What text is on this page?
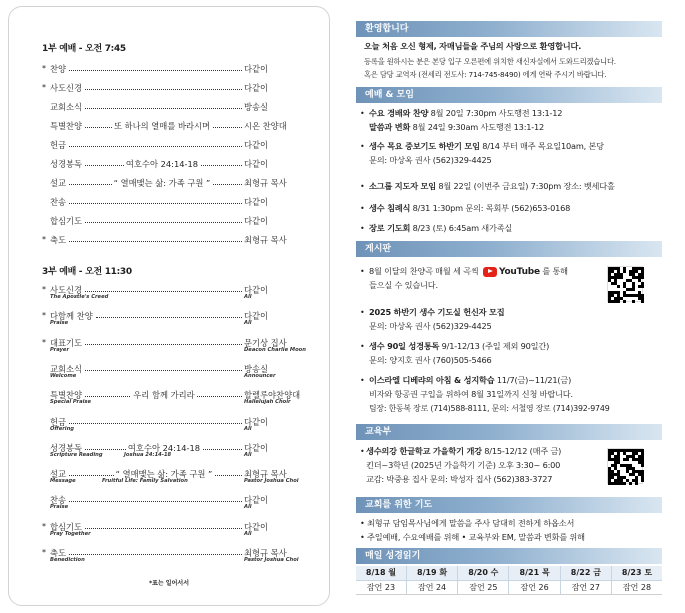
1부 예배 - 오전 7:45
* 찬양	다같이
* 사도신경	다같이
교회소식	방송실
특별찬양	또 하나의 열매를 바라시며	시온 찬양대
헌금	다같이
성경봉독	여호수아 24:14-18	다같이
설교	“ 열매맺는 삶: 가족 구원 ”	최형규 목사
찬송	다같이
합심기도	다같이
* 축도	최형규 목사
3부 예배 - 오전 11:30
* 사도신경	다같이
The Apostle's Creed	All
* 다함께 찬양	다같이
Praise	All
* 대표기도	문기상 집사
Prayer	Deacon Charlie Moon
교회소식	방송실
Welcome	Announcer
특별찬양	우리 함께 가리라	할렐루야찬양대
Special Praise	Hallelujah Choir
헌금	다같이
Offering	All
성경봉독	여호수아 24:14-18	다같이
Scripture Reading	Joshua 24:14-18	All
설교	“ 열매맺는 삶: 가족 구원 ”	최형규 목사
Message	Fruitful Life: Family Salvation	Pastor Joshua Choi
찬송	다같이
Praise	All
* 합심기도	다같이
Pray Together	All
* 축도	최형규 목사
Benediction	Pastor Joshua Choi
*표는 일어서서
환영합니다
오늘 처음 오신 형제, 자매님들을 주님의 사랑으로 환영합니다.
등록을 원하시는 분은 본당 입구 오른편에 위치한 새신자실에서 도와드리겠습니다.
혹은 담당 교역자 (전세리 전도사: 714-745-8490) 에게 연락 주시기 바랍니다.
예배 & 모임
• 수요 경배와 찬양 8월 20일 7:30pm 사도행전 13:1-12
말씀과 변화 8월 24일 9:30am 사도행전 13:1-12
• 생수 목요 중보기도 하반기 모임 8/14 부터 매주 목요일10am, 본당
문의: 마상옥 권사 (562)329-4425
• 소그룹 지도자 모임 8월 22일 (이번주 금요일) 7:30pm 장소: 벳세다홀
• 생수 침례식 8/31 1:30pm 문의: 목회부 (562)653-0168
• 장로 기도회 8/23 (토) 6:45am 새가족실
게시판
• 8월 이달의 찬양곡 매월 세 곡씩 YouTube 를 통해
들으실 수 있습니다.
• 2025 하반기 생수 기도실 헌신자 모집
문의: 마상옥 권사 (562)329-4425
• 생수 90일 성경통독 9/1-12/13 (주일 제외 90일간)
문의: 양지호 권사 (760)505-5466
• 이스라엘 디베랴의 아침 & 성지학습 11/7(금)~11/21(금)
비자와 항공권 구입을 위하여 8월 31일까지 신청 바랍니다.
팀장: 한동복 장로 (714)588-8111, 문의: 서철영 장로 (714)392-9749
교육부
• 생수의강 한글학교 가을학기 개강 8/15-12/12 (매주 금)
킨더~3학년 (2025년 가을학기 기준) 오후 3:30~ 6:00
교감: 박중용 집사 문의: 박성자 집사 (562)383-3727
교회를 위한 기도
• 최형규 담임목사님에게 말씀을 주사 담대히 전하게 하옵소서
• 주일예배, 수요예배를 위해 • 교육부와 EM, 말씀과 변화를 위해
매일 성경읽기
8/18 월	8/19 화	8/20 수	8/21 목	8/22 금	8/23 토
잠언 23	잠언 24	잠언 25	잠언 26	잠언 27	잠언 28
